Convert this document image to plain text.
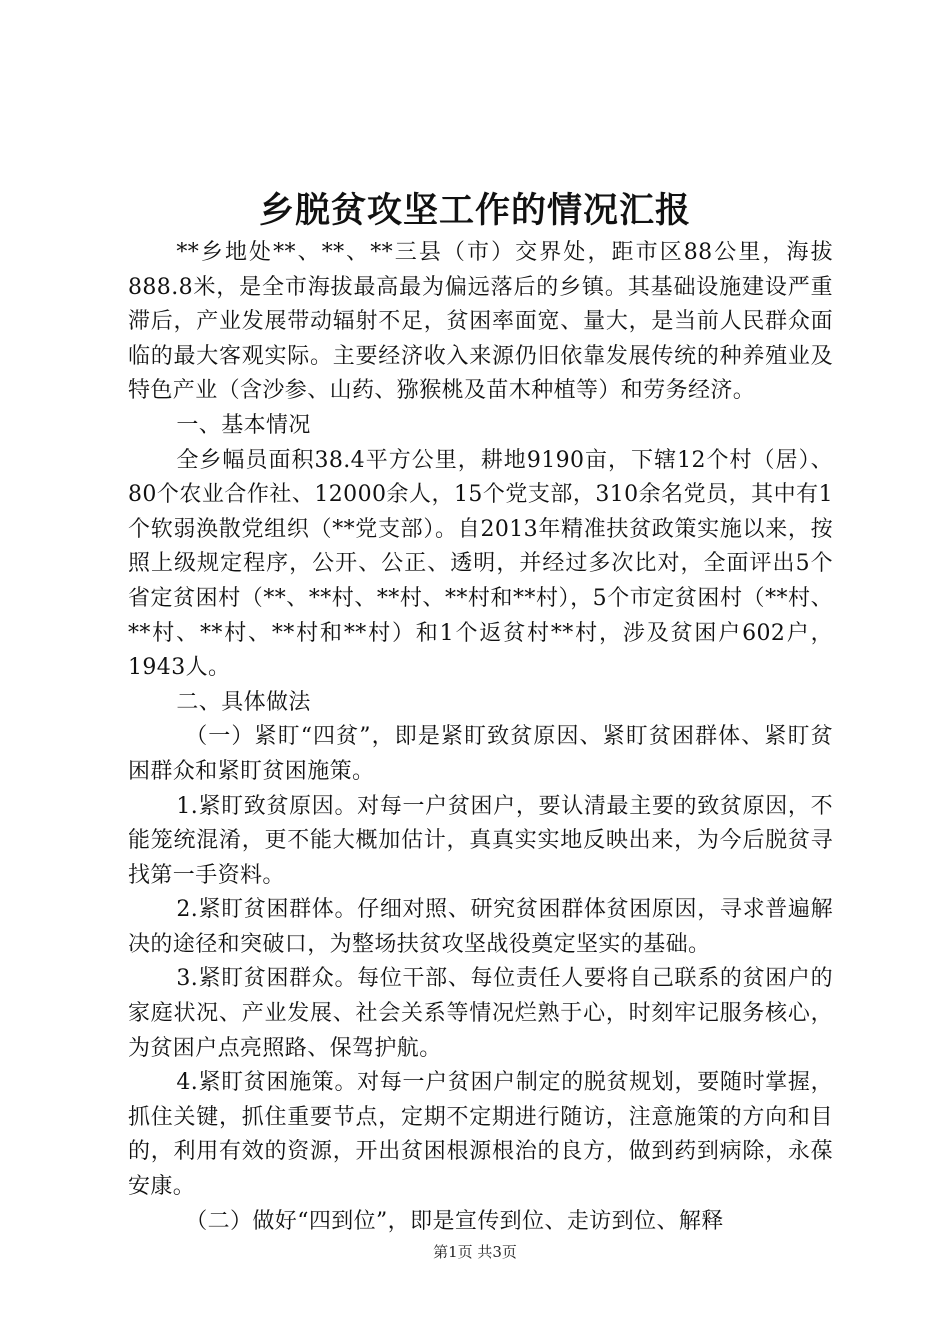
乡脱贫攻坚工作的情况汇报

**乡地处**、**、**三县（市）交界处，距市区88公里，海拔888.8米，是全市海拔最高最为偏远落后的乡镇。其基础设施建设严重滞后，产业发展带动辐射不足，贫困率面宽、量大，是当前人民群众面临的最大客观实际。主要经济收入来源仍旧依靠发展传统的种养殖业及特色产业（含沙参、山药、猕猴桃及苗木种植等）和劳务经济。

一、基本情况

全乡幅员面积38.4平方公里，耕地9190亩，下辖12个村（居）、80个农业合作社、12000余人，15个党支部，310余名党员，其中有1个软弱涣散党组织（**党支部）。自2013年精准扶贫政策实施以来，按照上级规定程序，公开、公正、透明，并经过多次比对，全面评出5个省定贫困村（**、**村、**村、**村和**村），5个市定贫困村（**村、**村、**村、**村和**村）和1个返贫村**村，涉及贫困户602户，1943人。

二、具体做法

（一）紧盯“四贫”，即是紧盯致贫原因、紧盯贫困群体、紧盯贫困群众和紧盯贫困施策。

1.紧盯致贫原因。对每一户贫困户，要认清最主要的致贫原因，不能笼统混淆，更不能大概加估计，真真实实地反映出来，为今后脱贫寻找第一手资料。

2.紧盯贫困群体。仔细对照、研究贫困群体贫困原因，寻求普遍解决的途径和突破口，为整场扶贫攻坚战役奠定坚实的基础。

3.紧盯贫困群众。每位干部、每位责任人要将自己联系的贫困户的家庭状况、产业发展、社会关系等情况烂熟于心，时刻牢记服务核心，为贫困户点亮照路、保驾护航。

4.紧盯贫困施策。对每一户贫困户制定的脱贫规划，要随时掌握，抓住关键，抓住重要节点，定期不定期进行随访，注意施策的方向和目的，利用有效的资源，开出贫困根源根治的良方，做到药到病除，永葆安康。

（二）做好“四到位”，即是宣传到位、走访到位、解释

第1页 共3页
